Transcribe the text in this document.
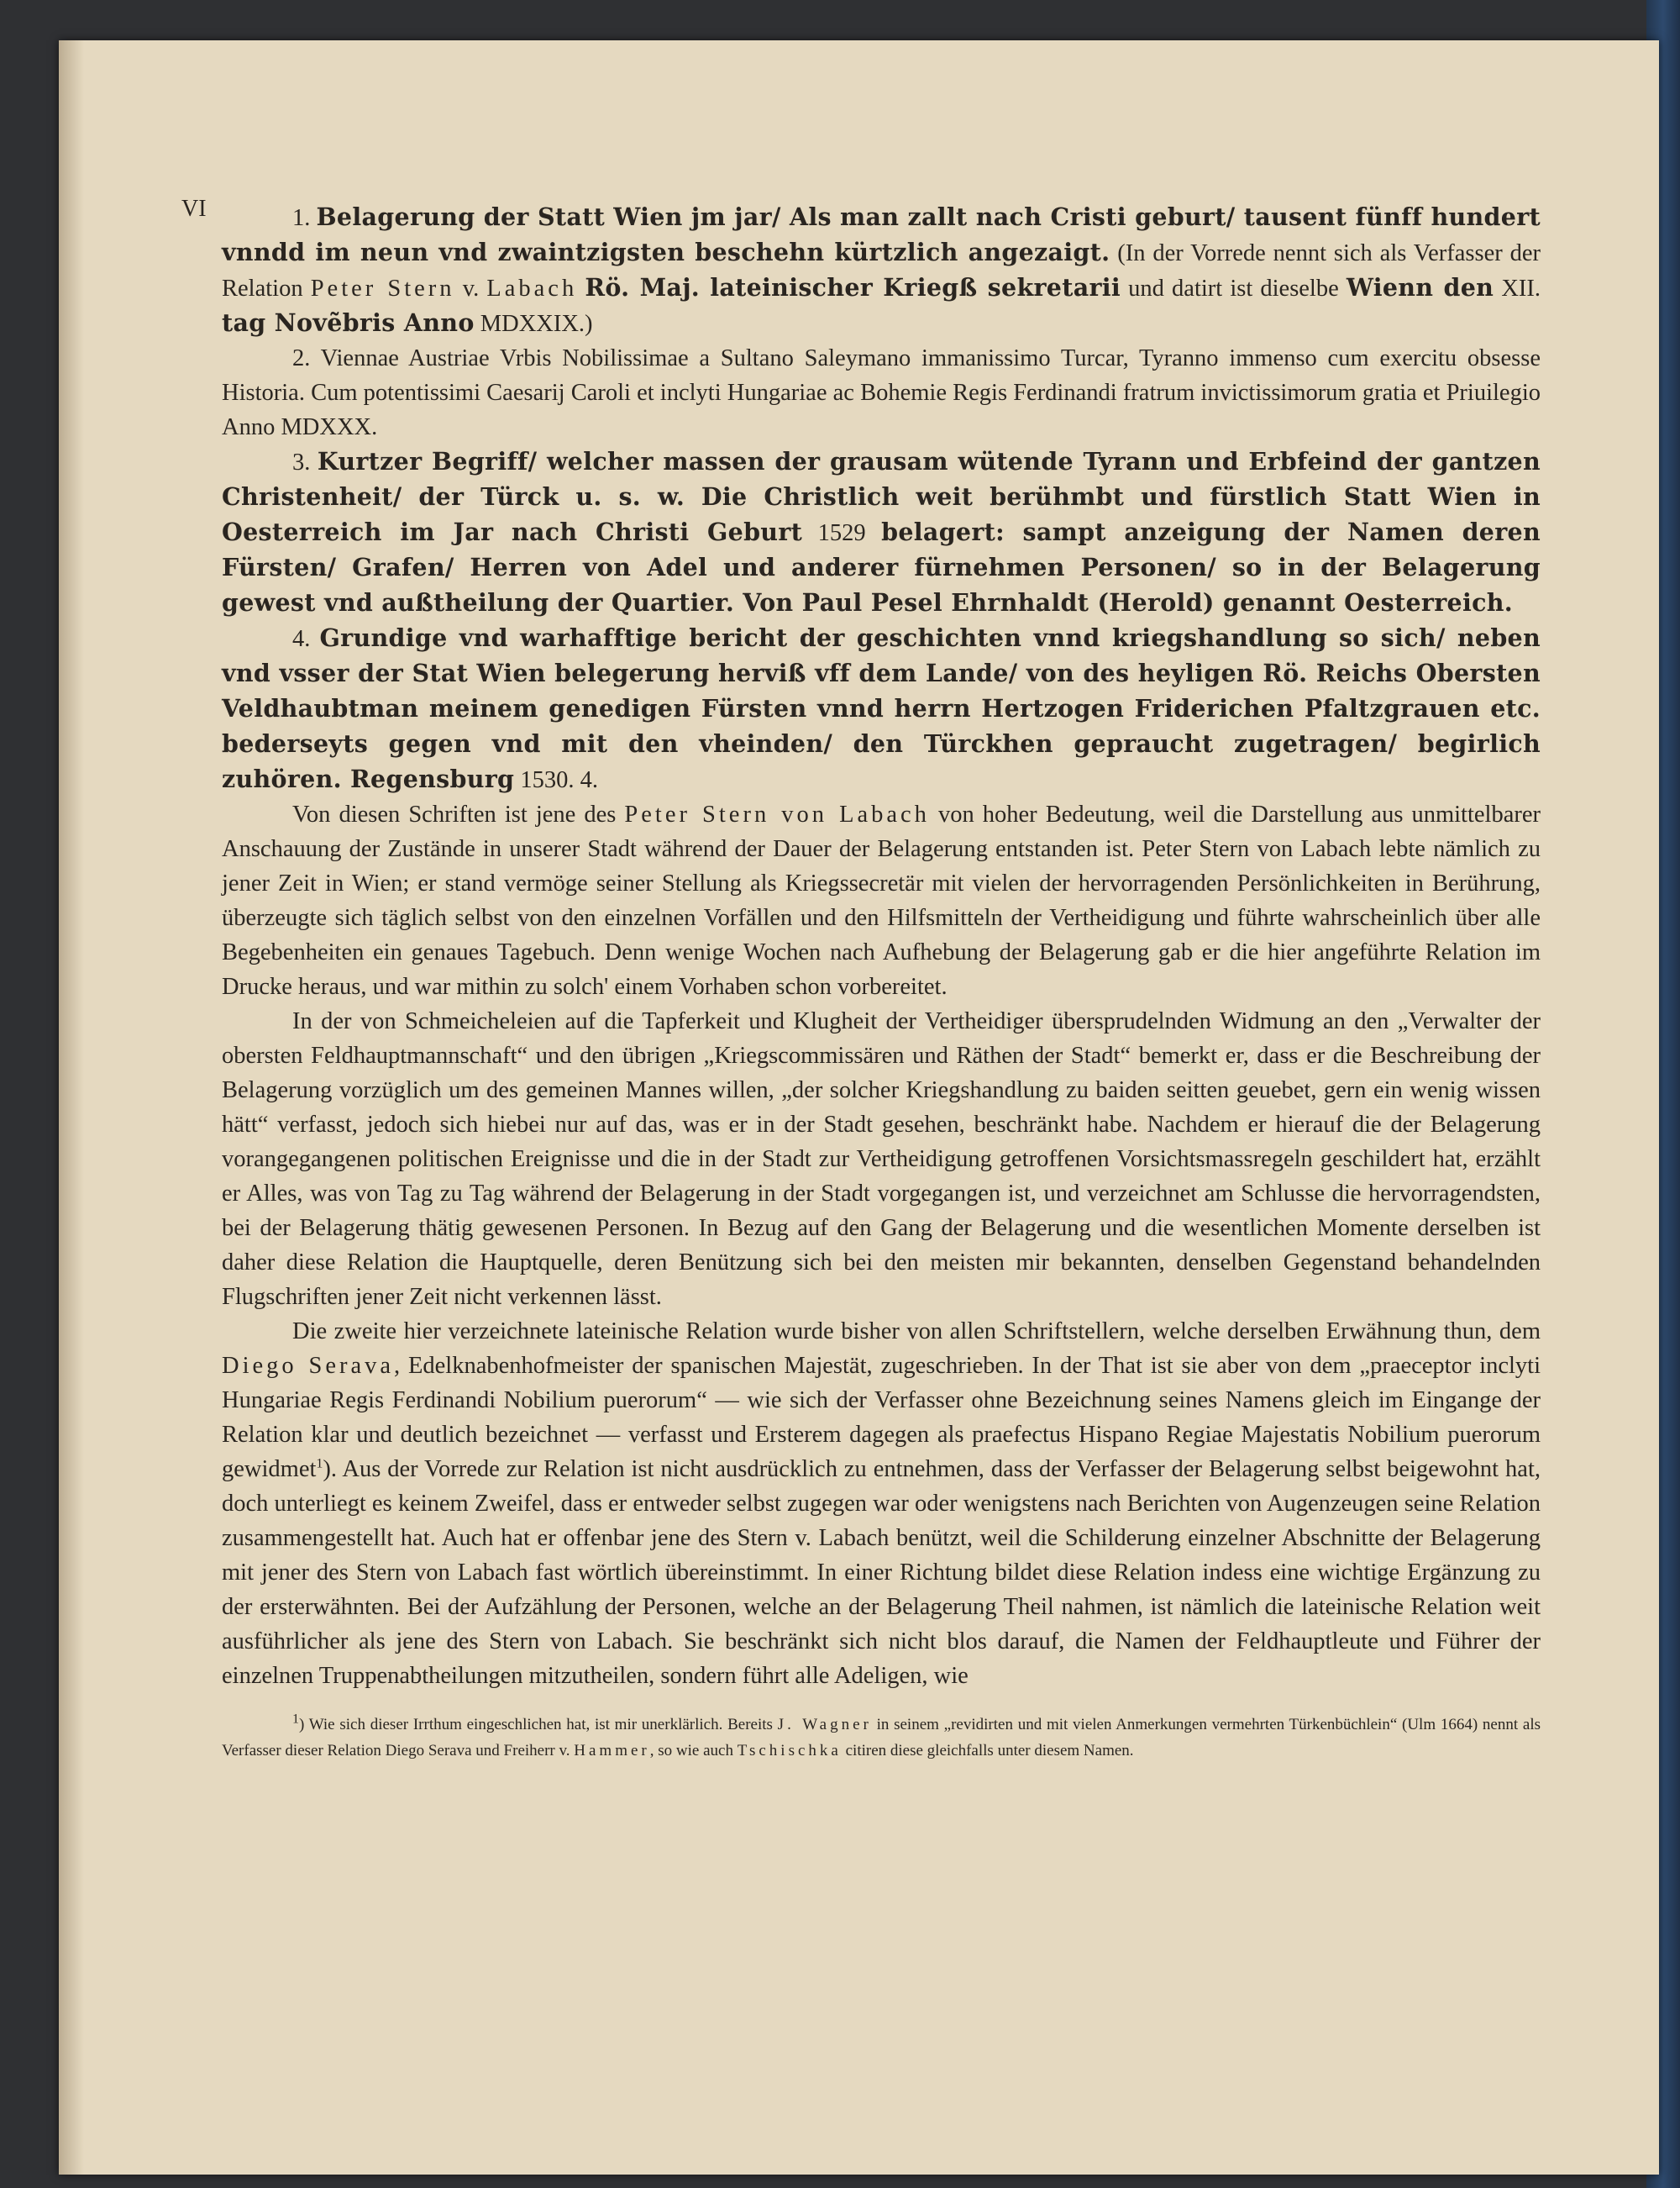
VI	1. Belagerung der Statt Wien jm jar/ Als man zallt nach Cristi geburt/ tausent fünff hundert vnndd im neun vnd zwaintzigsten beschehn kürtzlich angezaigt. (In der Vorrede nennt sich als Verfasser der Relation Peter Stern v. Labach Rö. Maj. lateinischer Kriegß sekretarii und datirt ist dieselbe Wienn den XII. tag Novẽbris Anno MDXXIX.)

2. Viennae Austriae Vrbis Nobilissimae a Sultano Saleymano immanissimo Turcar, Tyranno immenso cum exercitu obsesse Historia. Cum potentissimi Caesarij Caroli et inclyti Hungariae ac Bohemie Regis Ferdinandi fratrum invictissimorum gratia et Priuilegio Anno MDXXX.

3. Kurtzer Begriff/ welcher massen der grausam wütende Tyrann und Erbfeind der gantzen Christenheit/ der Türck u. s. w. Die Christlich weit berühmbt und fürstlich Statt Wien in Oesterreich im Jar nach Christi Geburt 1529 belagert: sampt anzeigung der Namen deren Fürsten/ Grafen/ Herren von Adel und anderer fürnehmen Personen/ so in der Belagerung gewest vnd außtheilung der Quartier. Von Paul Pesel Ehrnhaldt (Herold) genannt Oesterreich.

4. Grundige vnd warhafftige bericht der geschichten vnnd kriegshandlung so sich/ neben vnd vsser der Stat Wien belegerung herviß vff dem Lande/ von des heyligen Rö. Reichs Obersten Veldhaubtman meinem genedigen Fürsten vnnd herrn Hertzogen Friderichen Pfaltzgrauen etc. bederseyts gegen vnd mit den vheinden/ den Türckhen gepraucht zugetragen/ begirlich zuhören. Regensburg 1530. 4.

Von diesen Schriften ist jene des Peter Stern von Labach von hoher Bedeutung, weil die Darstellung aus unmittelbarer Anschauung der Zustände in unserer Stadt während der Dauer der Belagerung entstanden ist. Peter Stern von Labach lebte nämlich zu jener Zeit in Wien; er stand vermöge seiner Stellung als Kriegssecretär mit vielen der hervorragenden Persönlichkeiten in Berührung, überzeugte sich täglich selbst von den einzelnen Vorfällen und den Hilfsmitteln der Vertheidigung und führte wahrscheinlich über alle Begebenheiten ein genaues Tagebuch. Denn wenige Wochen nach Aufhebung der Belagerung gab er die hier angeführte Relation im Drucke heraus, und war mithin zu solch' einem Vorhaben schon vorbereitet.

In der von Schmeicheleien auf die Tapferkeit und Klugheit der Vertheidiger übersprudelnden Widmung an den „Verwalter der obersten Feldhauptmannschaft“ und den übrigen „Kriegscommissären und Räthen der Stadt“ bemerkt er, dass er die Beschreibung der Belagerung vorzüglich um des gemeinen Mannes willen, „der solcher Kriegshandlung zu baiden seitten geuebet, gern ein wenig wissen hätt“ verfasst, jedoch sich hiebei nur auf das, was er in der Stadt gesehen, beschränkt habe. Nachdem er hierauf die der Belagerung vorangegangenen politischen Ereignisse und die in der Stadt zur Vertheidigung getroffenen Vorsichtsmassregeln geschildert hat, erzählt er Alles, was von Tag zu Tag während der Belagerung in der Stadt vorgegangen ist, und verzeichnet am Schlusse die hervorragendsten, bei der Belagerung thätig gewesenen Personen. In Bezug auf den Gang der Belagerung und die wesentlichen Momente derselben ist daher diese Relation die Hauptquelle, deren Benützung sich bei den meisten mir bekannten, denselben Gegenstand behandelnden Flugschriften jener Zeit nicht verkennen lässt.

Die zweite hier verzeichnete lateinische Relation wurde bisher von allen Schriftstellern, welche derselben Erwähnung thun, dem Diego Serava, Edelknabenhofmeister der spanischen Majestät, zugeschrieben. In der That ist sie aber von dem „praeceptor inclyti Hungariae Regis Ferdinandi Nobilium puerorum“ — wie sich der Verfasser ohne Bezeichnung seines Namens gleich im Eingange der Relation klar und deutlich bezeichnet — verfasst und Ersterem dagegen als praefectus Hispano Regiae Majestatis Nobilium puerorum gewidmet$^1$). Aus der Vorrede zur Relation ist nicht ausdrücklich zu entnehmen, dass der Verfasser der Belagerung selbst beigewohnt hat, doch unterliegt es keinem Zweifel, dass er entweder selbst zugegen war oder wenigstens nach Berichten von Augenzeugen seine Relation zusammengestellt hat. Auch hat er offenbar jene des Stern v. Labach benützt, weil die Schilderung einzelner Abschnitte der Belagerung mit jener des Stern von Labach fast wörtlich übereinstimmt. In einer Richtung bildet diese Relation indess eine wichtige Ergänzung zu der ersterwähnten. Bei der Aufzählung der Personen, welche an der Belagerung Theil nahmen, ist nämlich die lateinische Relation weit ausführlicher als jene des Stern von Labach. Sie beschränkt sich nicht blos darauf, die Namen der Feldhauptleute und Führer der einzelnen Truppenabtheilungen mitzutheilen, sondern führt alle Adeligen, wie

$^1$) Wie sich dieser Irrthum eingeschlichen hat, ist mir unerklärlich. Bereits J. Wagner in seinem „revidirten und mit vielen Anmerkungen vermehrten Türkenbüchlein“ (Ulm 1664) nennt als Verfasser dieser Relation Diego Serava und Freiherr v. Hammer, so wie auch Tschischka citiren diese gleichfalls unter diesem Namen.
